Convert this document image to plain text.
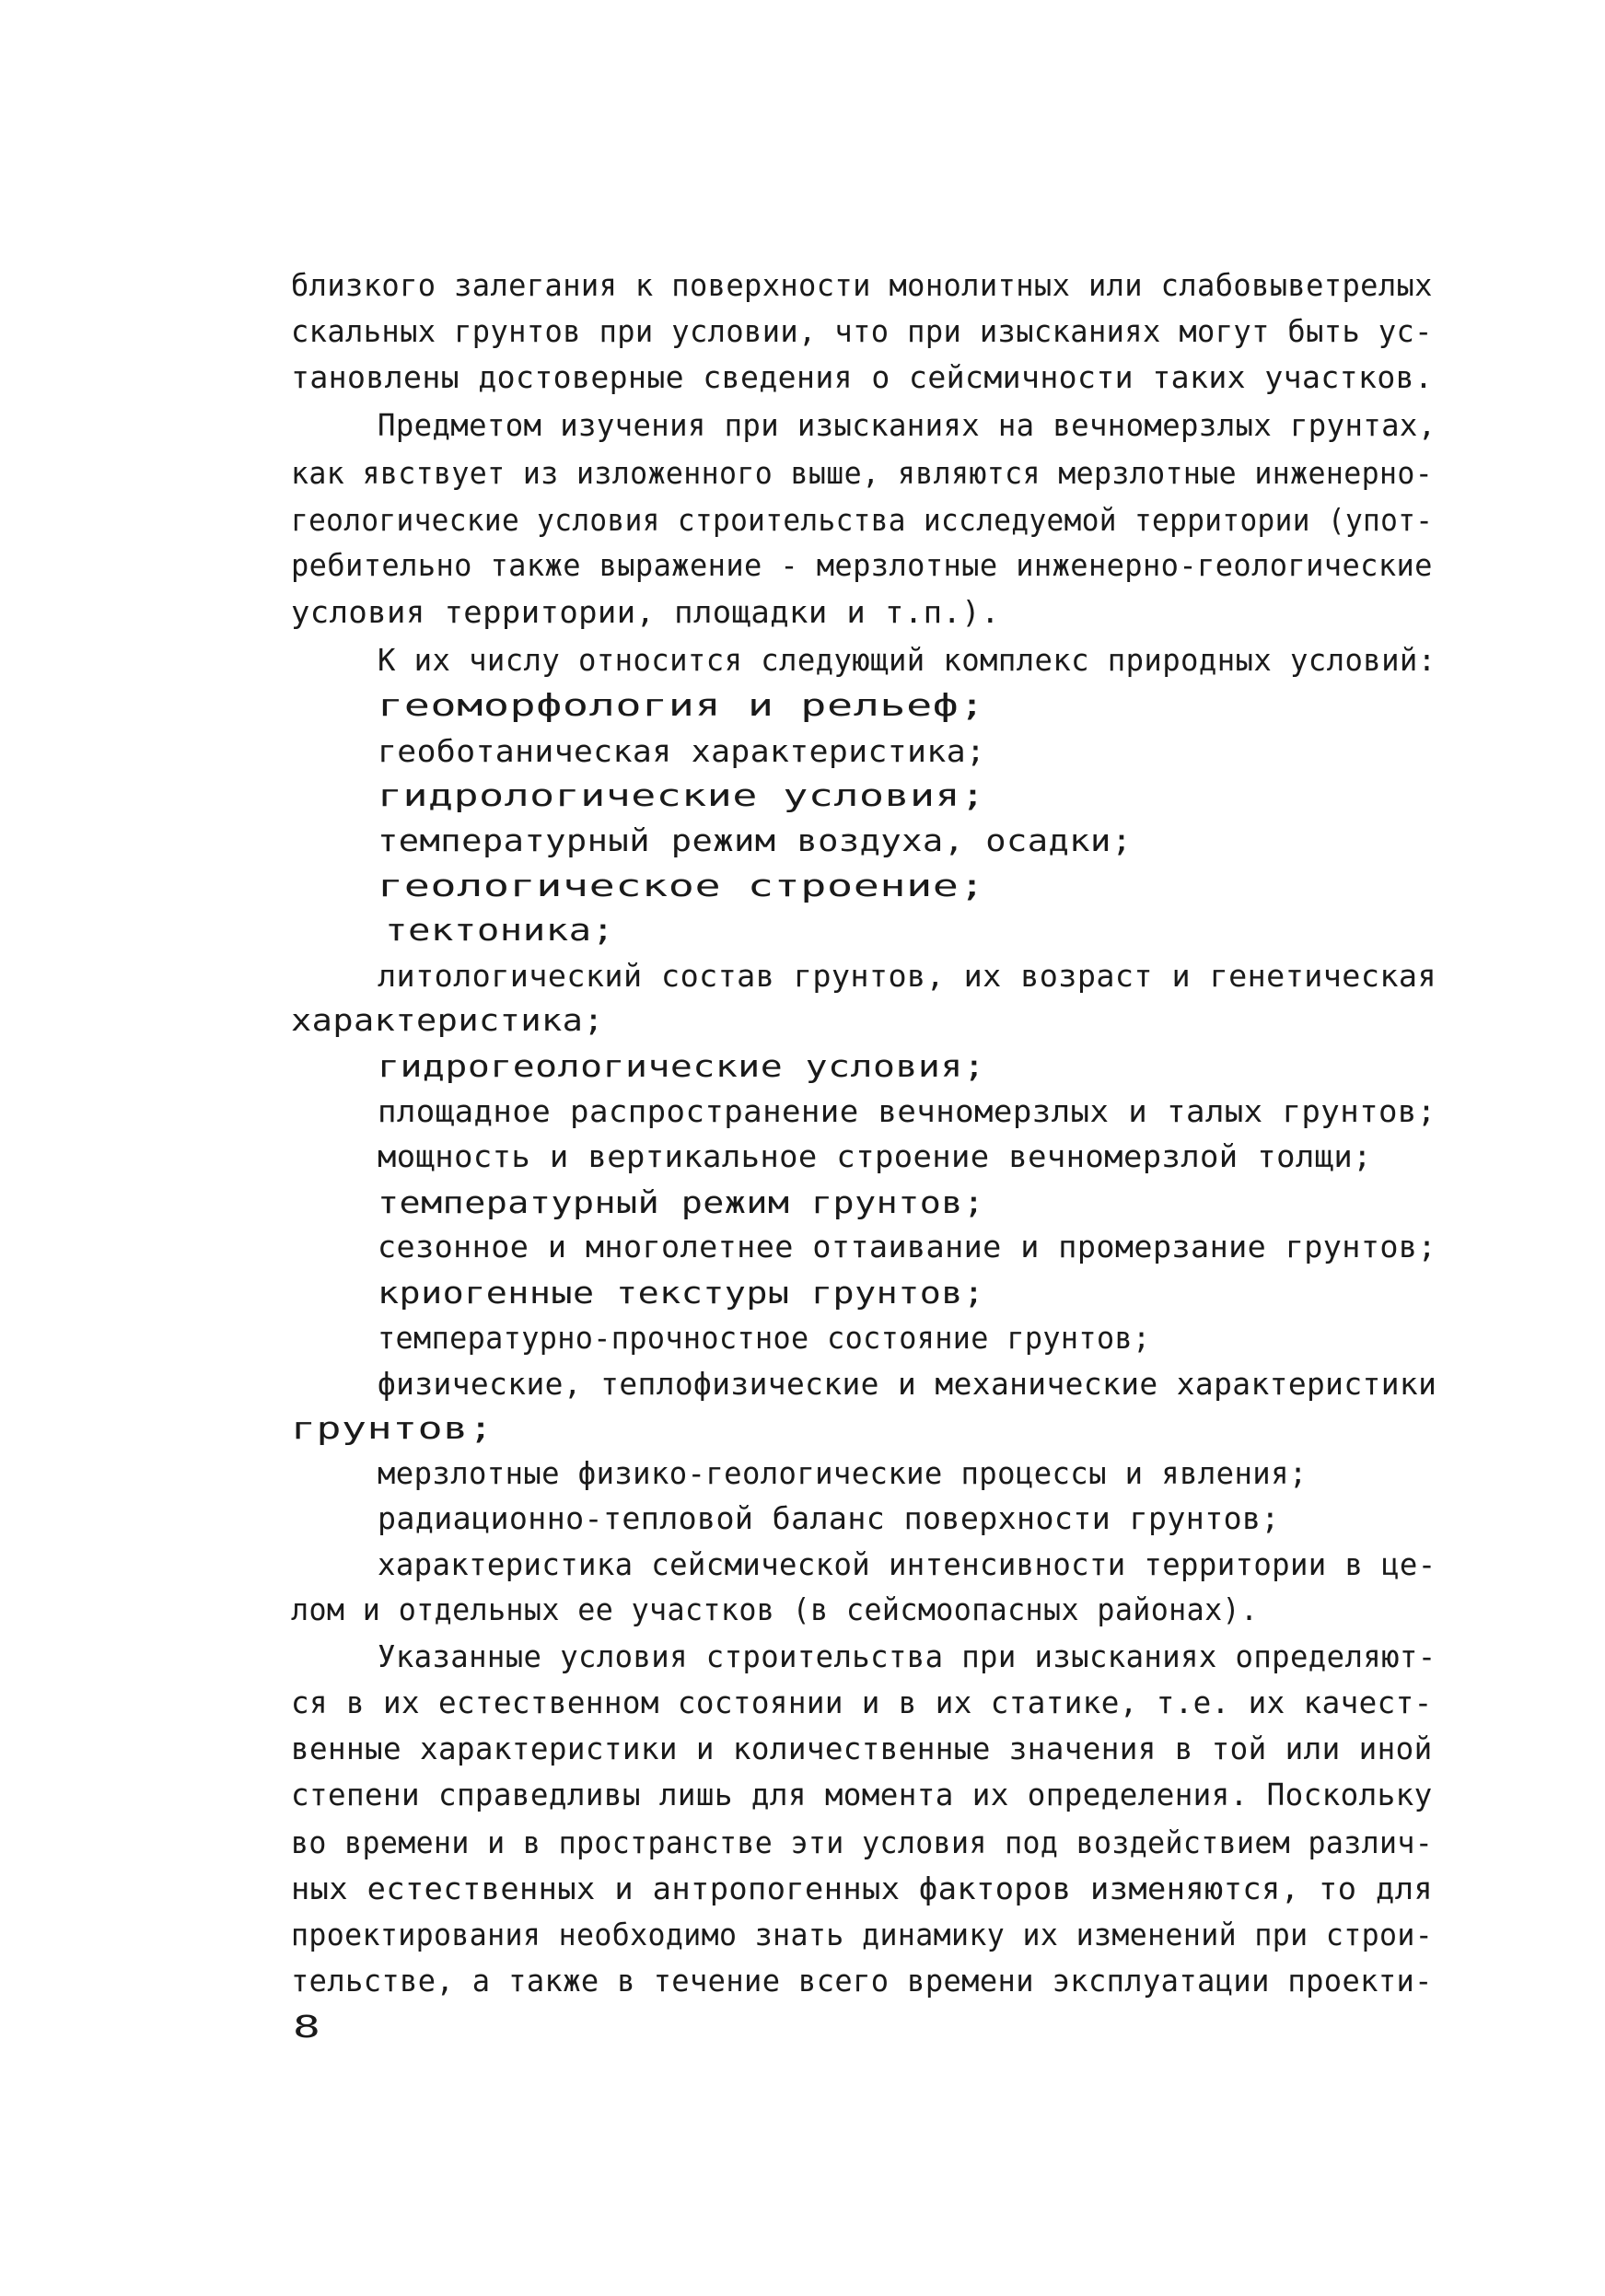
близкого залегания к поверхности монолитных или слабовыветрелых
скальных грунтов при условии, что при изысканиях могут быть ус-
тановлены достоверные сведения о сейсмичности таких участков.
Предметом изучения при изысканиях на вечномерзлых грунтах,
как явствует из изложенного выше, являются мерзлотные инженерно-
геологические условия строительства исследуемой территории (упот-
ребительно также выражение - мерзлотные инженерно-геологические
условия территории, площадки и т.п.).
К их числу относится следующий комплекс природных условий:
геоморфология и рельеф;
геоботаническая характеристика;
гидрологические условия;
температурный режим воздуха, осадки;
геологическое строение;
тектоника;
литологический состав грунтов, их возраст и генетическая
характеристика;
гидрогеологические условия;
площадное распространение вечномерзлых и талых грунтов;
мощность и вертикальное строение вечномерзлой толщи;
температурный режим грунтов;
сезонное и многолетнее оттаивание и промерзание грунтов;
криогенные текстуры грунтов;
температурно-прочностное состояние грунтов;
физические, теплофизические и механические характеристики
грунтов;
мерзлотные физико-геологические процессы и явления;
радиационно-тепловой баланс поверхности грунтов;
характеристика сейсмической интенсивности территории в це-
лом и отдельных ее участков (в сейсмоопасных районах).
Указанные условия строительства при изысканиях определяют-
ся в их естественном состоянии и в их статике, т.е. их качест-
венные характеристики и количественные значения в той или иной
степени справедливы лишь для момента их определения. Поскольку
во времени и в пространстве эти условия под воздействием различ-
ных естественных и антропогенных факторов изменяются, то для
проектирования необходимо знать динамику их изменений при строи-
тельстве, а также в течение всего времени эксплуатации проекти-
8
